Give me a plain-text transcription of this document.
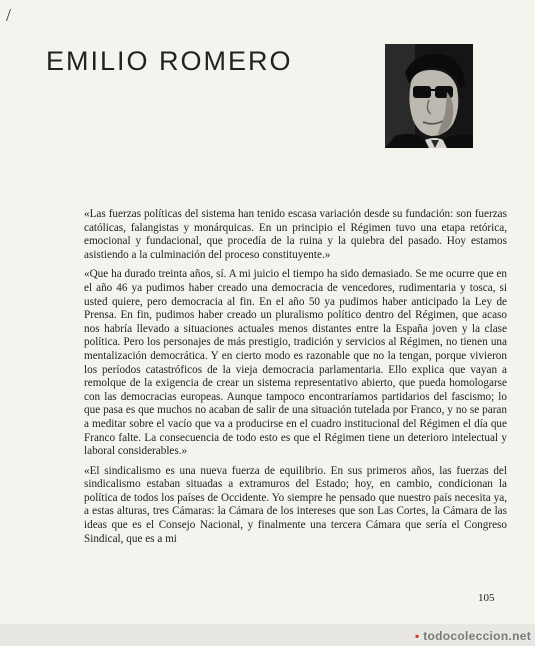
/
EMILIO ROMERO

«Las fuerzas políticas del sistema han tenido escasa variación desde su fundación: son fuerzas católicas, falangistas y monárquicas. En un principio el Régimen tuvo una etapa retórica, emocional y fundacional, que procedía de la ruina y la quiebra del pasado. Hoy estamos asistiendo a la culminación del proceso constituyente.»

«Que ha durado treinta años, sí. A mi juicio el tiempo ha sido demasiado. Se me ocurre que en el año 46 ya pudimos haber creado una democracia de vencedores, rudimentaria y tosca, si usted quiere, pero democracia al fin. En el año 50 ya pudimos haber anticipado la Ley de Prensa. En fin, pudimos haber creado un pluralismo político dentro del Régimen, que acaso nos habría llevado a situaciones actuales menos distantes entre la España joven y la clase política. Pero los personajes de más prestigio, tradición y servicios al Régimen, no tienen una mentalización democrática. Y en cierto modo es razonable que no la tengan, porque vivieron los períodos catastróficos de la vieja democracia parlamentaria. Ello explica que vayan a remolque de la exigencia de crear un sistema representativo abierto, que pueda homologarse con las democracias europeas. Aunque tampoco encontraríamos partidarios del fascismo; lo que pasa es que muchos no acaban de salir de una situación tutelada por Franco, y no se paran a meditar sobre el vacío que va a producirse en el cuadro institucional del Régimen el día que Franco falte. La consecuencia de todo esto es que el Régimen tiene un deterioro intelectual y laboral considerables.»

«El sindicalismo es una nueva fuerza de equilibrio. En sus primeros años, las fuerzas del sindicalismo estaban situadas a extramuros del Estado; hoy, en cambio, condicionan la política de todos los países de Occidente. Yo siempre he pensado que nuestro país necesita ya, a estas alturas, tres Cámaras: la Cámara de los intereses que son Las Cortes, la Cámara de las ideas que es el Consejo Nacional, y finalmente una tercera Cámara que sería el Congreso Sindical, que es a mi

105
▪ todocoleccion.net
